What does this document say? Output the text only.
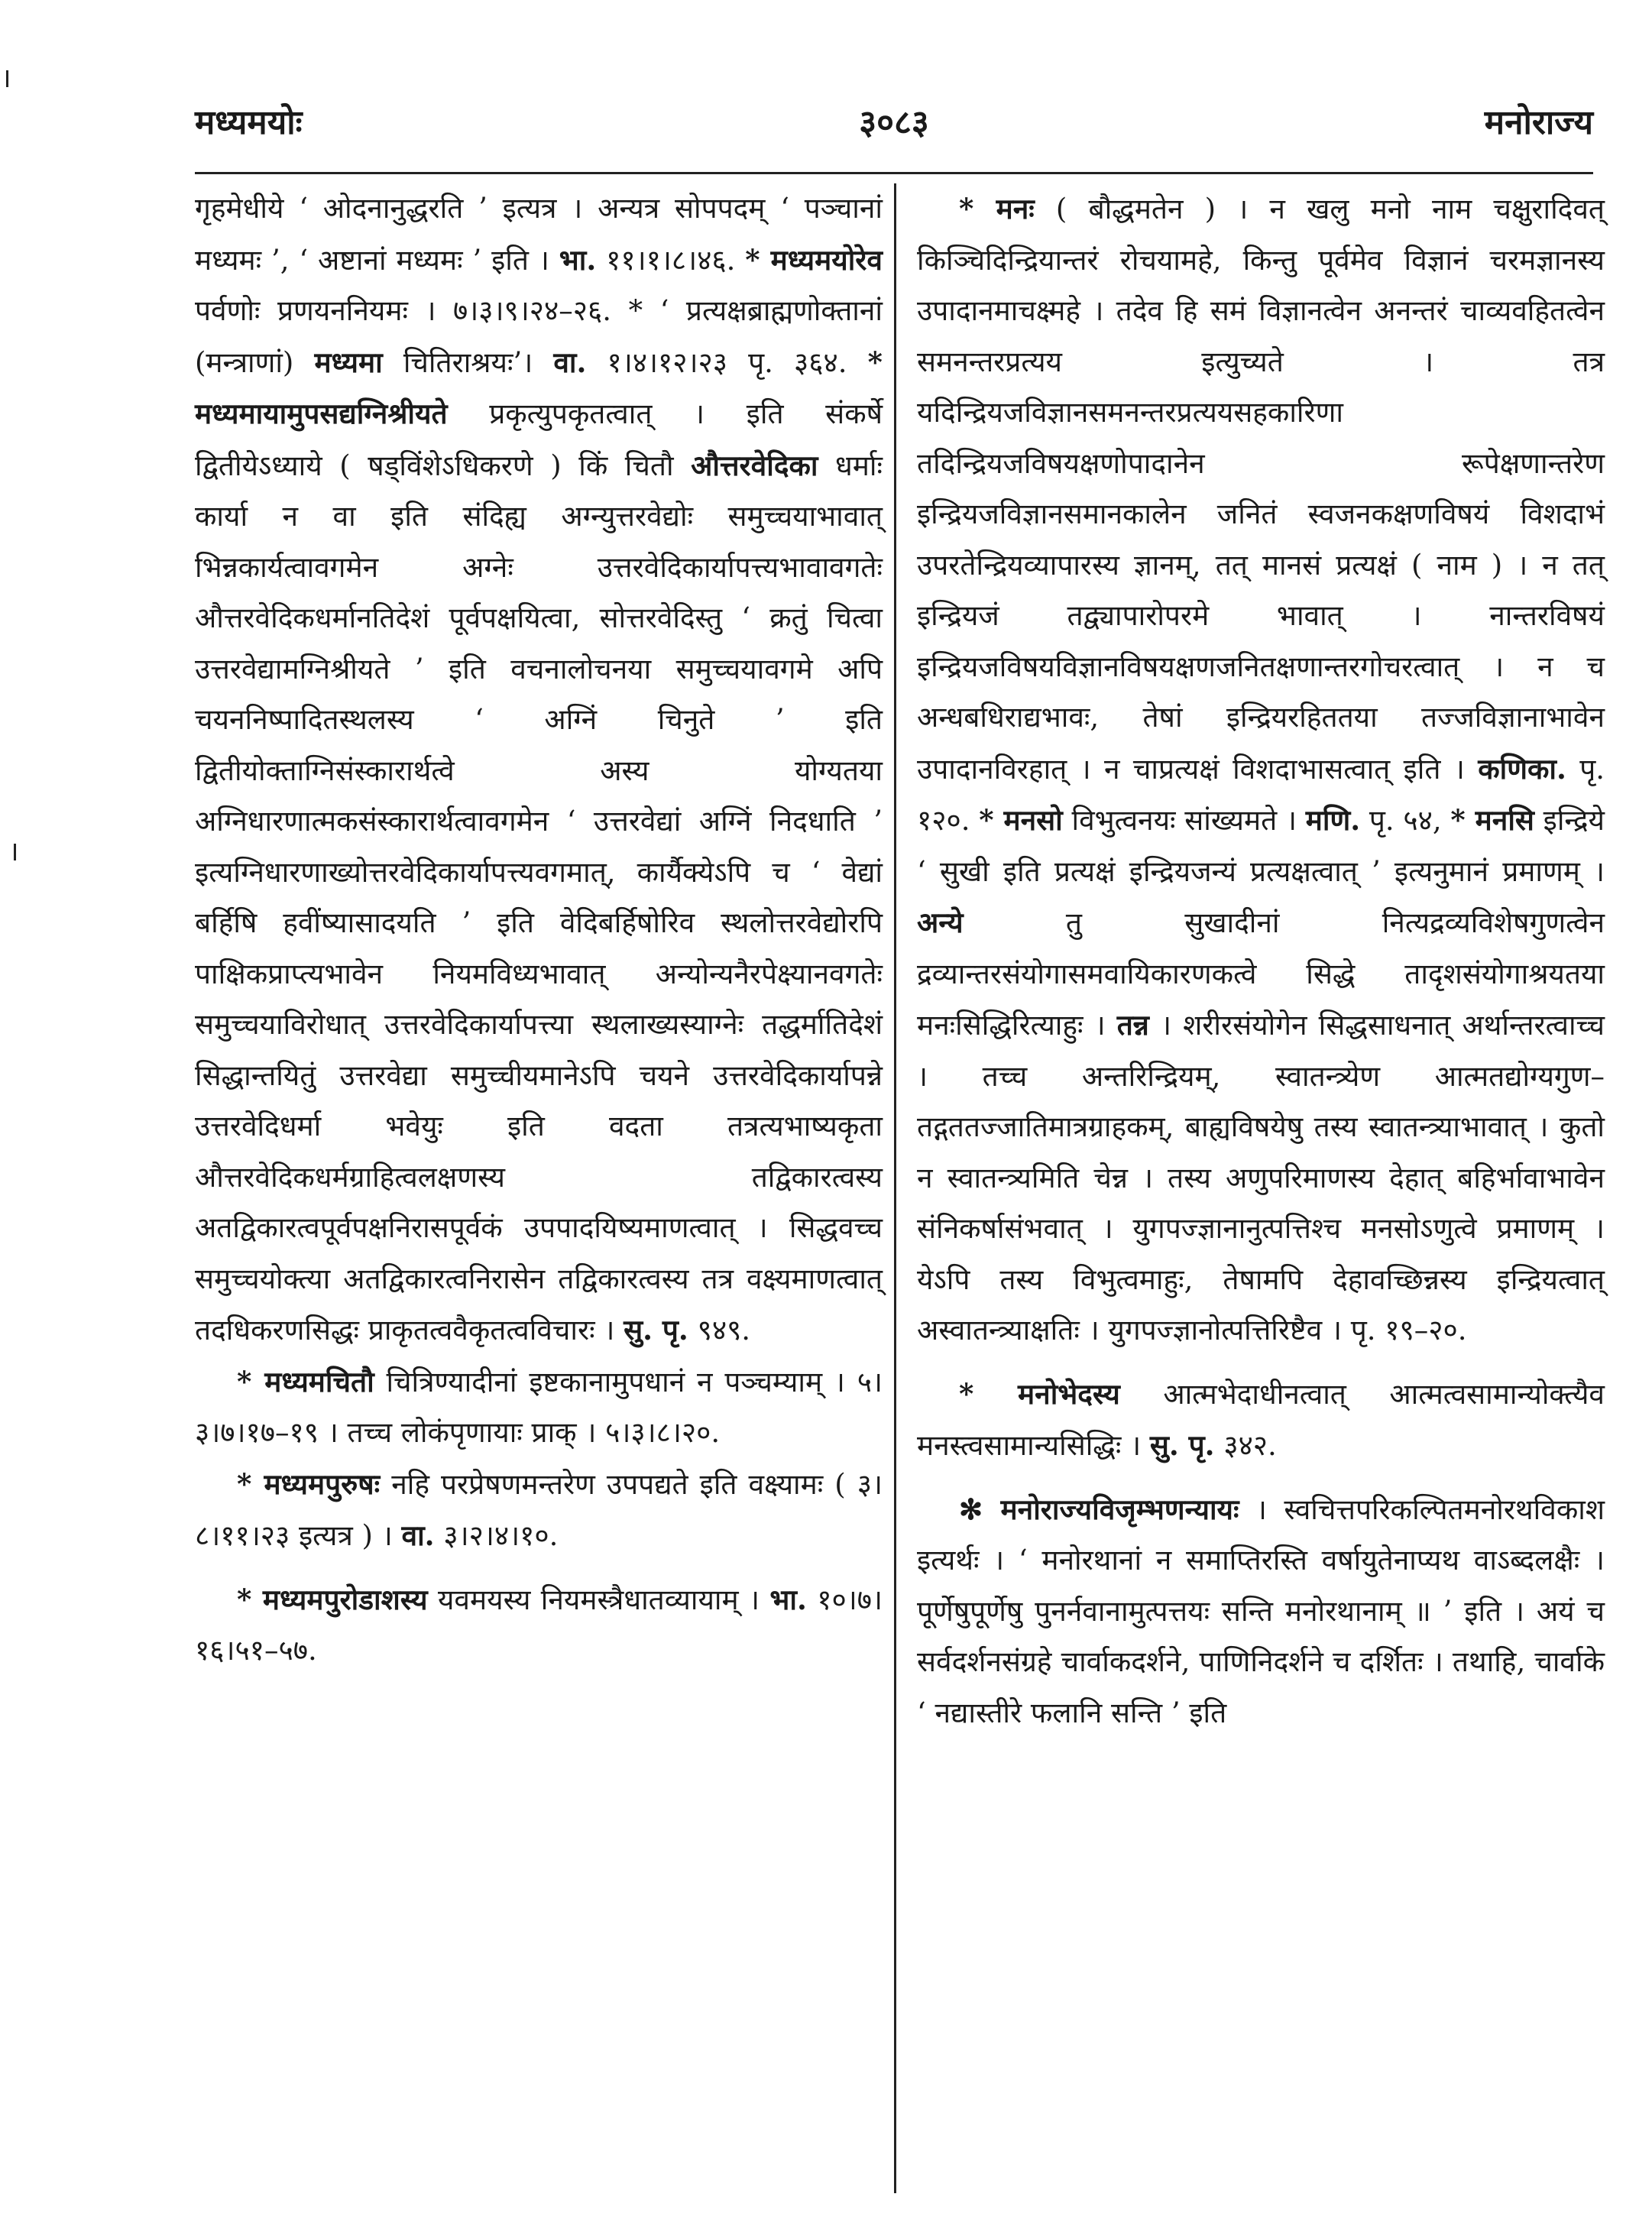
मध्यमयोः	३०८३	मनोराज्य

गृहमेधीये ‘ ओदनानुद्धरति ’ इत्यत्र । अन्यत्र सोपपदम् ‘ पञ्चानां मध्यमः ’, ‘ अष्टानां मध्यमः ’ इति । भा. ११।१।८।४६. * मध्यमयोरेव पर्वणोः प्रणयननियमः । ७।३।९।२४–२६. * ‘ प्रत्यक्षब्राह्मणोक्तानां (मन्त्राणां) मध्यमा चितिराश्रयः’। वा. १।४।१२।२३ पृ. ३६४. * मध्यमायामुपसद्यग्निश्रीयते प्रकृत्युपकृतत्वात् । इति संकर्षे द्वितीयेऽध्याये ( षड्विंशेऽधिकरणे ) किं चितौ औत्तरवेदिका धर्माः कार्या न वा इति संदिह्य अग्न्युत्तरवेद्योः समुच्चयाभावात् भिन्नकार्यत्वावगमेन अग्नेः उत्तरवेदिकार्यापत्त्यभावावगतेः औत्तरवेदिकधर्मानतिदेशं पूर्वपक्षयित्वा, सोत्तरवेदिस्तु ‘ क्रतुं चित्वा उत्तरवेद्यामग्निश्रीयते ’ इति वचनालोचनया समुच्चयावगमे अपि चयननिष्पादितस्थलस्य ‘ अग्निं चिनुते ’ इति द्वितीयोक्ताग्निसंस्कारार्थत्वे अस्य योग्यतया अग्निधारणात्मकसंस्कारार्थत्वावगमेन ‘ उत्तरवेद्यां अग्निं निदधाति ’ इत्यग्निधारणाख्योत्तरवेदिकार्यापत्त्यवगमात्, कार्यैक्येऽपि च ‘ वेद्यां बर्हिषि हवींष्यासादयति ’ इति वेदिबर्हिषोरिव स्थलोत्तरवेद्योरपि पाक्षिकप्राप्त्यभावेन नियमविध्यभावात् अन्योन्यनैरपेक्ष्यानवगतेः समुच्चयाविरोधात् उत्तरवेदिकार्यापत्त्या स्थलाख्यस्याग्नेः तद्धर्मातिदेशं सिद्धान्तयितुं उत्तरवेद्या समुच्चीयमानेऽपि चयने उत्तरवेदिकार्यापन्ने उत्तरवेदिधर्मा भवेयुः इति वदता तत्रत्यभाष्यकृता औत्तरवेदिकधर्मग्राहित्वलक्षणस्य तद्विकारत्वस्य अतद्विकारत्वपूर्वपक्षनिरासपूर्वकं उपपादयिष्यमाणत्वात् । सिद्धवच्च समुच्चयोक्त्या अतद्विकारत्वनिरासेन तद्विकारत्वस्य तत्र वक्ष्यमाणत्वात् तदधिकरणसिद्धः प्राकृतत्ववैकृतत्वविचारः । सु. पृ. ९४९.

* मध्यमचितौ चित्रिण्यादीनां इष्टकानामुपधानं न पञ्चम्याम् । ५।३।७।१७–१९ । तच्च लोकंपृणायाः प्राक् । ५।३।८।२०.

* मध्यमपुरुषः नहि परप्रेषणमन्तरेण उपपद्यते इति वक्ष्यामः ( ३।८।११।२३ इत्यत्र ) । वा. ३।२।४।१०.

* मध्यमपुरोडाशस्य यवमयस्य नियमस्त्रैधातव्यायाम् । भा. १०।७।१६।५१–५७.

* मनः ( बौद्धमतेन ) । न खलु मनो नाम चक्षुरादिवत् किञ्चिदिन्द्रियान्तरं रोचयामहे, किन्तु पूर्वमेव विज्ञानं चरमज्ञानस्य उपादानमाचक्ष्महे । तदेव हि समं विज्ञानत्वेन अनन्तरं चाव्यवहितत्वेन समनन्तरप्रत्यय इत्युच्यते । तत्र यदिन्द्रियजविज्ञानसमनन्तरप्रत्ययसहकारिणा तदिन्द्रियजविषयक्षणोपादानेन रूपेक्षणान्तरेण इन्द्रियजविज्ञानसमानकालेन जनितं स्वजनकक्षणविषयं विशदाभं उपरतेन्द्रियव्यापारस्य ज्ञानम्, तत् मानसं प्रत्यक्षं ( नाम ) । न तत् इन्द्रियजं तद्व्यापारोपरमे भावात् । नान्तरविषयं इन्द्रियजविषयविज्ञानविषयक्षणजनितक्षणान्तरगोचरत्वात् । न च अन्धबधिराद्यभावः, तेषां इन्द्रियरहिततया तज्जविज्ञानाभावेन उपादानविरहात् । न चाप्रत्यक्षं विशदाभासत्वात् इति । कणिका. पृ. १२०. * मनसो विभुत्वनयः सांख्यमते । मणि. पृ. ५४, * मनसि इन्द्रिये ‘ सुखी इति प्रत्यक्षं इन्द्रियजन्यं प्रत्यक्षत्वात् ’ इत्यनुमानं प्रमाणम् । अन्ये तु सुखादीनां नित्यद्रव्यविशेषगुणत्वेन द्रव्यान्तरसंयोगासमवायिकारणकत्वे सिद्धे तादृशसंयोगाश्रयतया मनःसिद्धिरित्याहुः । तन्न । शरीरसंयोगेन सिद्धसाधनात् अर्थान्तरत्वाच्च । तच्च अन्तरिन्द्रियम्, स्वातन्त्र्येण आत्मतद्योग्यगुण–तद्गततज्जातिमात्रग्राहकम्, बाह्यविषयेषु तस्य स्वातन्त्र्याभावात् । कुतो न स्वातन्त्र्यमिति चेन्न । तस्य अणुपरिमाणस्य देहात् बहिर्भावाभावेन संनिकर्षासंभवात् । युगपज्ज्ञानानुत्पत्तिश्च मनसोऽणुत्वे प्रमाणम् । येऽपि तस्य विभुत्वमाहुः, तेषामपि देहावच्छिन्नस्य इन्द्रियत्वात् अस्वातन्त्र्याक्षतिः । युगपज्ज्ञानोत्पत्तिरिष्टैव । पृ. १९–२०.

* मनोभेदस्य आत्मभेदाधीनत्वात् आत्मत्वसामान्योक्त्यैव मनस्त्वसामान्यसिद्धिः । सु. पृ. ३४२.

✻ मनोराज्यविजृम्भणन्यायः । स्वचित्तपरिकल्पितमनोरथविकाश इत्यर्थः । ‘ मनोरथानां न समाप्तिरस्ति वर्षायुतेनाप्यथ वाऽब्दलक्षैः । पूर्णेषुपूर्णेषु पुनर्नवानामुत्पत्तयः सन्ति मनोरथानाम् ॥ ’ इति । अयं च सर्वदर्शनसंग्रहे चार्वाकदर्शने, पाणिनिदर्शने च दर्शितः । तथाहि, चार्वाके ‘ नद्यास्तीरे फलानि सन्ति ’ इति
